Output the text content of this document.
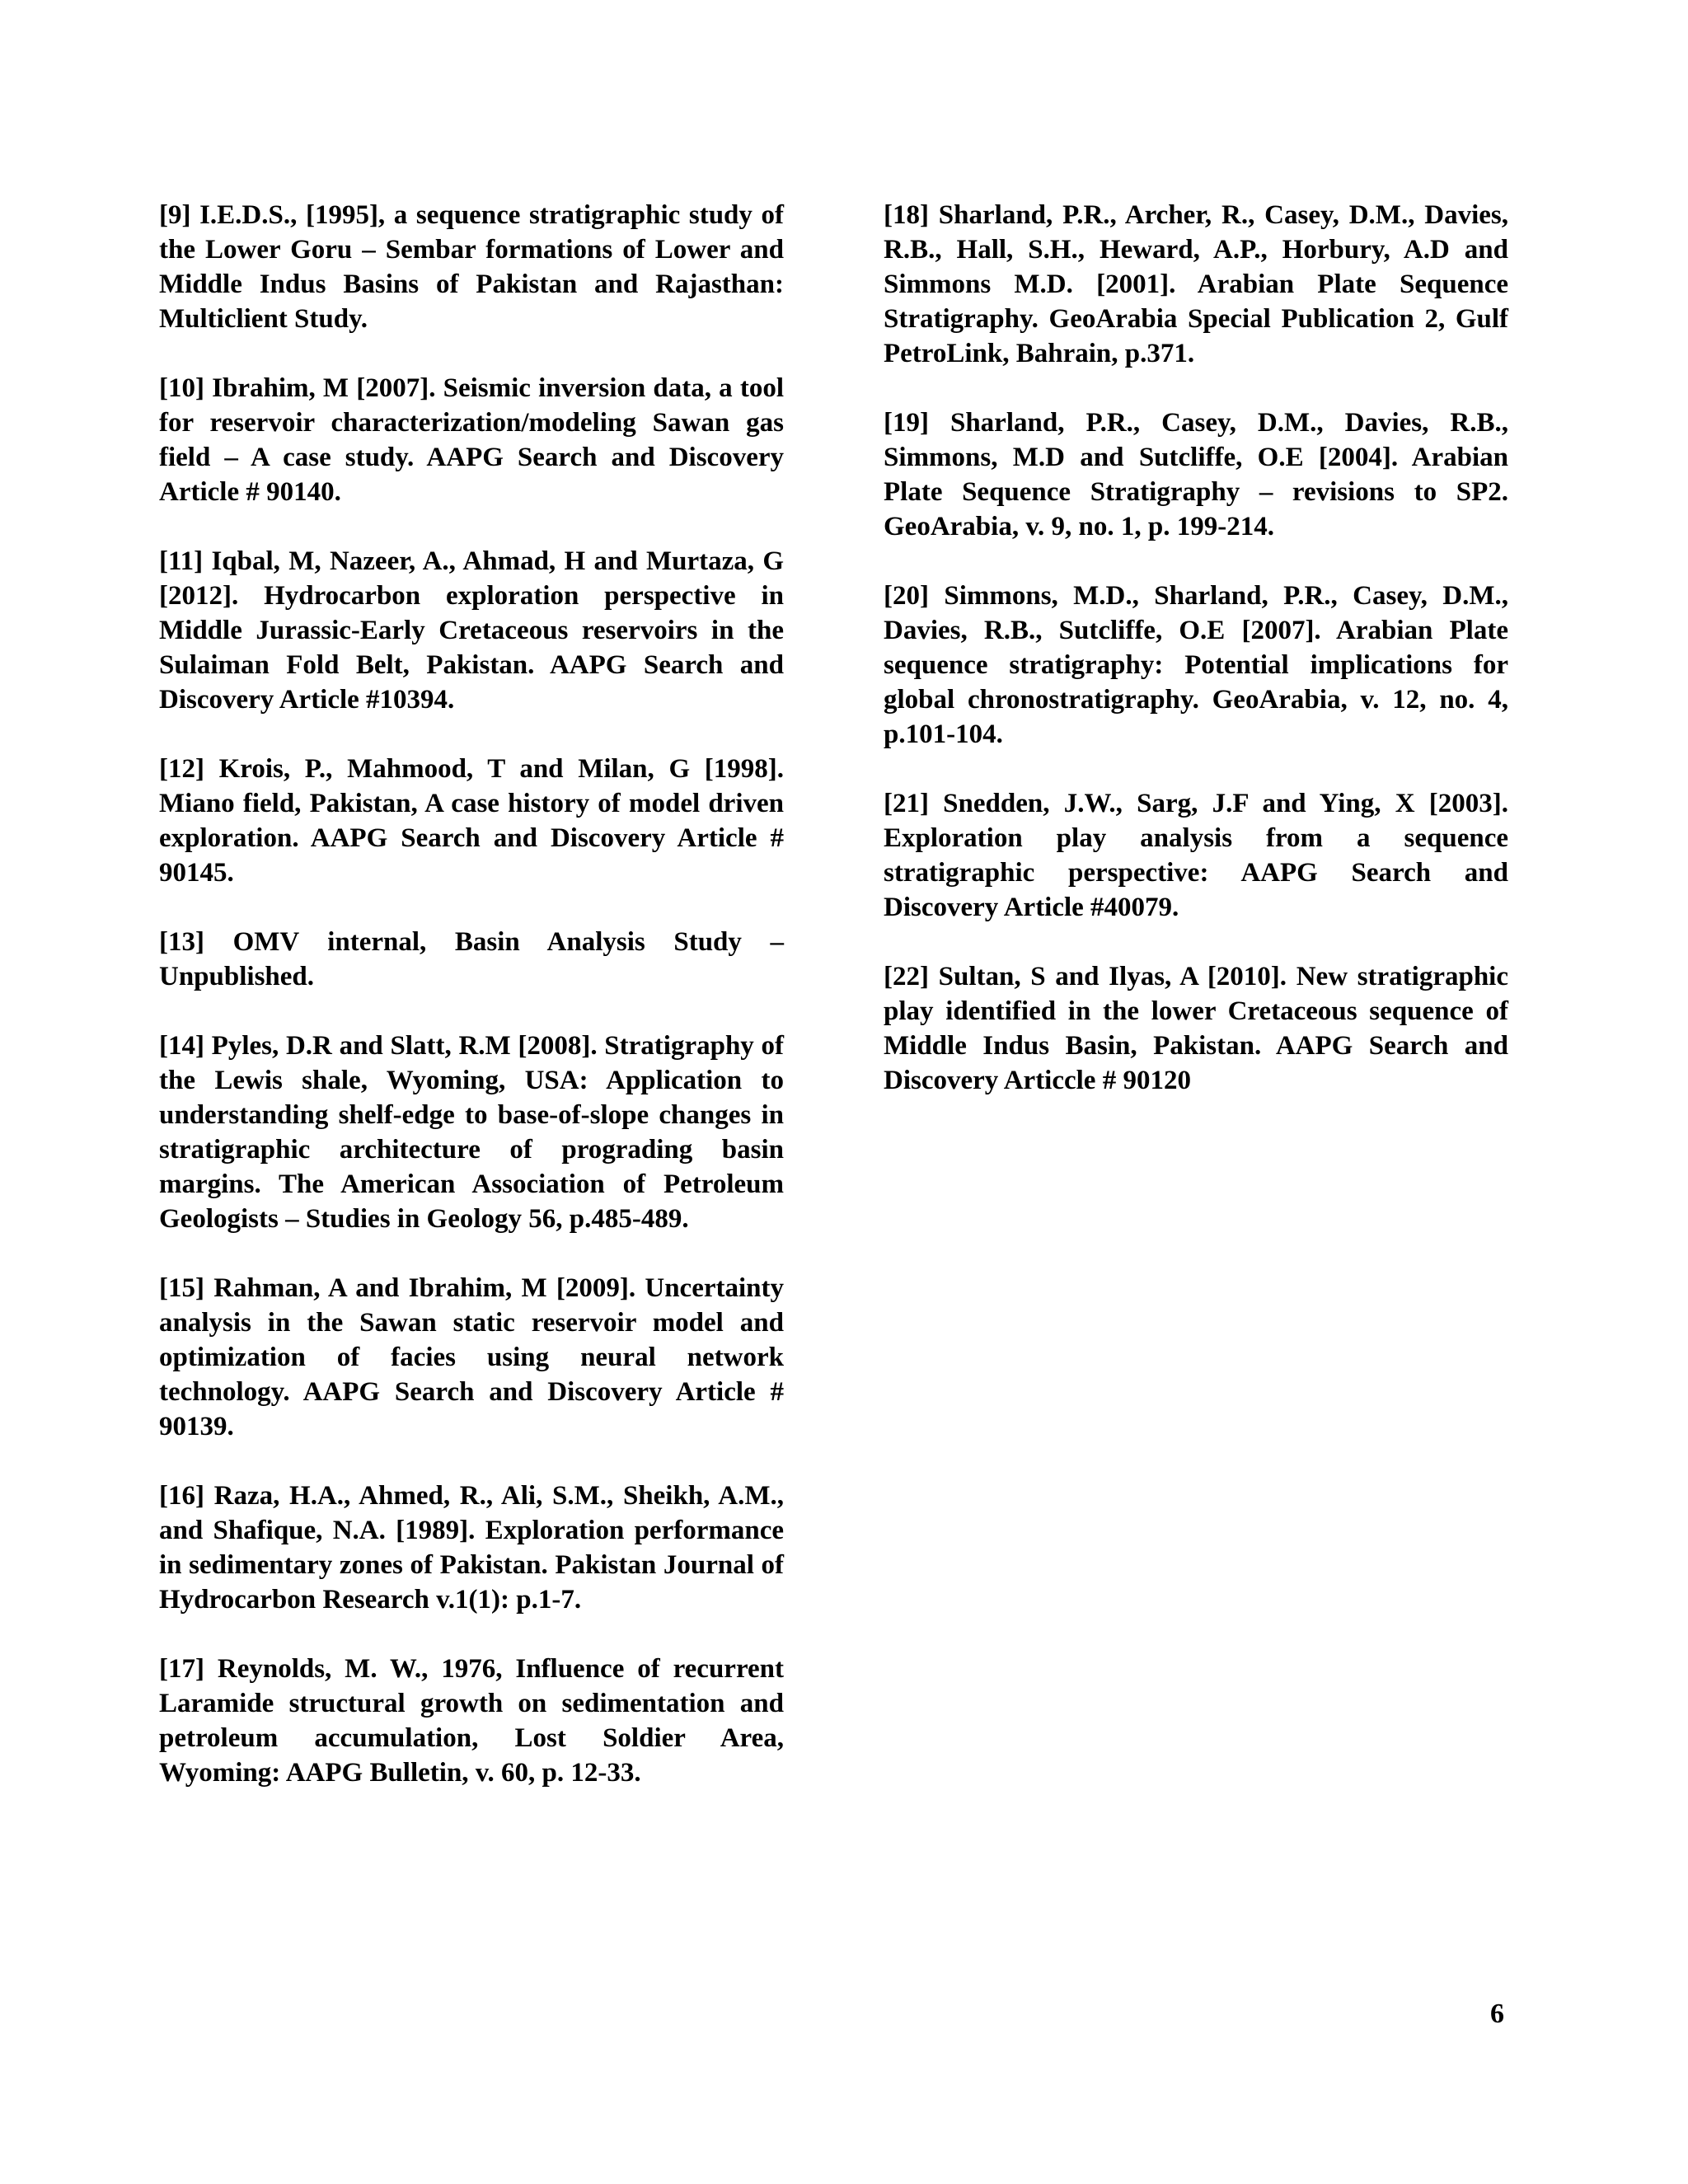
[9] I.E.D.S., [1995], a sequence stratigraphic study of the Lower Goru – Sembar formations of Lower and Middle Indus Basins of Pakistan and Rajasthan: Multiclient Study.

[10] Ibrahim, M [2007]. Seismic inversion data, a tool for reservoir characterization/modeling Sawan gas field – A case study. AAPG Search and Discovery Article # 90140.

[11] Iqbal, M, Nazeer, A., Ahmad, H and Murtaza, G [2012]. Hydrocarbon exploration perspective in Middle Jurassic-Early Cretaceous reservoirs in the Sulaiman Fold Belt, Pakistan. AAPG Search and Discovery Article #10394.

[12] Krois, P., Mahmood, T and Milan, G [1998]. Miano field, Pakistan, A case history of model driven exploration. AAPG Search and Discovery Article # 90145.

[13] OMV internal, Basin Analysis Study – Unpublished.

[14] Pyles, D.R and Slatt, R.M [2008]. Stratigraphy of the Lewis shale, Wyoming, USA: Application to understanding shelf-edge to base-of-slope changes in stratigraphic architecture of prograding basin margins. The American Association of Petroleum Geologists – Studies in Geology 56, p.485-489.

[15] Rahman, A and Ibrahim, M [2009]. Uncertainty analysis in the Sawan static reservoir model and optimization of facies using neural network technology. AAPG Search and Discovery Article # 90139.

[16] Raza, H.A., Ahmed, R., Ali, S.M., Sheikh, A.M., and Shafique, N.A. [1989]. Exploration performance in sedimentary zones of Pakistan. Pakistan Journal of Hydrocarbon Research v.1(1): p.1-7.

[17] Reynolds, M. W., 1976, Influence of recurrent Laramide structural growth on sedimentation and petroleum accumulation, Lost Soldier Area, Wyoming: AAPG Bulletin, v. 60, p. 12-33.

[18] Sharland, P.R., Archer, R., Casey, D.M., Davies, R.B., Hall, S.H., Heward, A.P., Horbury, A.D and Simmons M.D. [2001]. Arabian Plate Sequence Stratigraphy. GeoArabia Special Publication 2, Gulf PetroLink, Bahrain, p.371.

[19] Sharland, P.R., Casey, D.M., Davies, R.B., Simmons, M.D and Sutcliffe, O.E [2004]. Arabian Plate Sequence Stratigraphy – revisions to SP2. GeoArabia, v. 9, no. 1, p. 199-214.

[20] Simmons, M.D., Sharland, P.R., Casey, D.M., Davies, R.B., Sutcliffe, O.E [2007]. Arabian Plate sequence stratigraphy: Potential implications for global chronostratigraphy. GeoArabia, v. 12, no. 4, p.101-104.

[21] Snedden, J.W., Sarg, J.F and Ying, X [2003]. Exploration play analysis from a sequence stratigraphic perspective: AAPG Search and Discovery Article #40079.

[22] Sultan, S and Ilyas, A [2010]. New stratigraphic play identified in the lower Cretaceous sequence of Middle Indus Basin, Pakistan. AAPG Search and Discovery Articcle # 90120

6
